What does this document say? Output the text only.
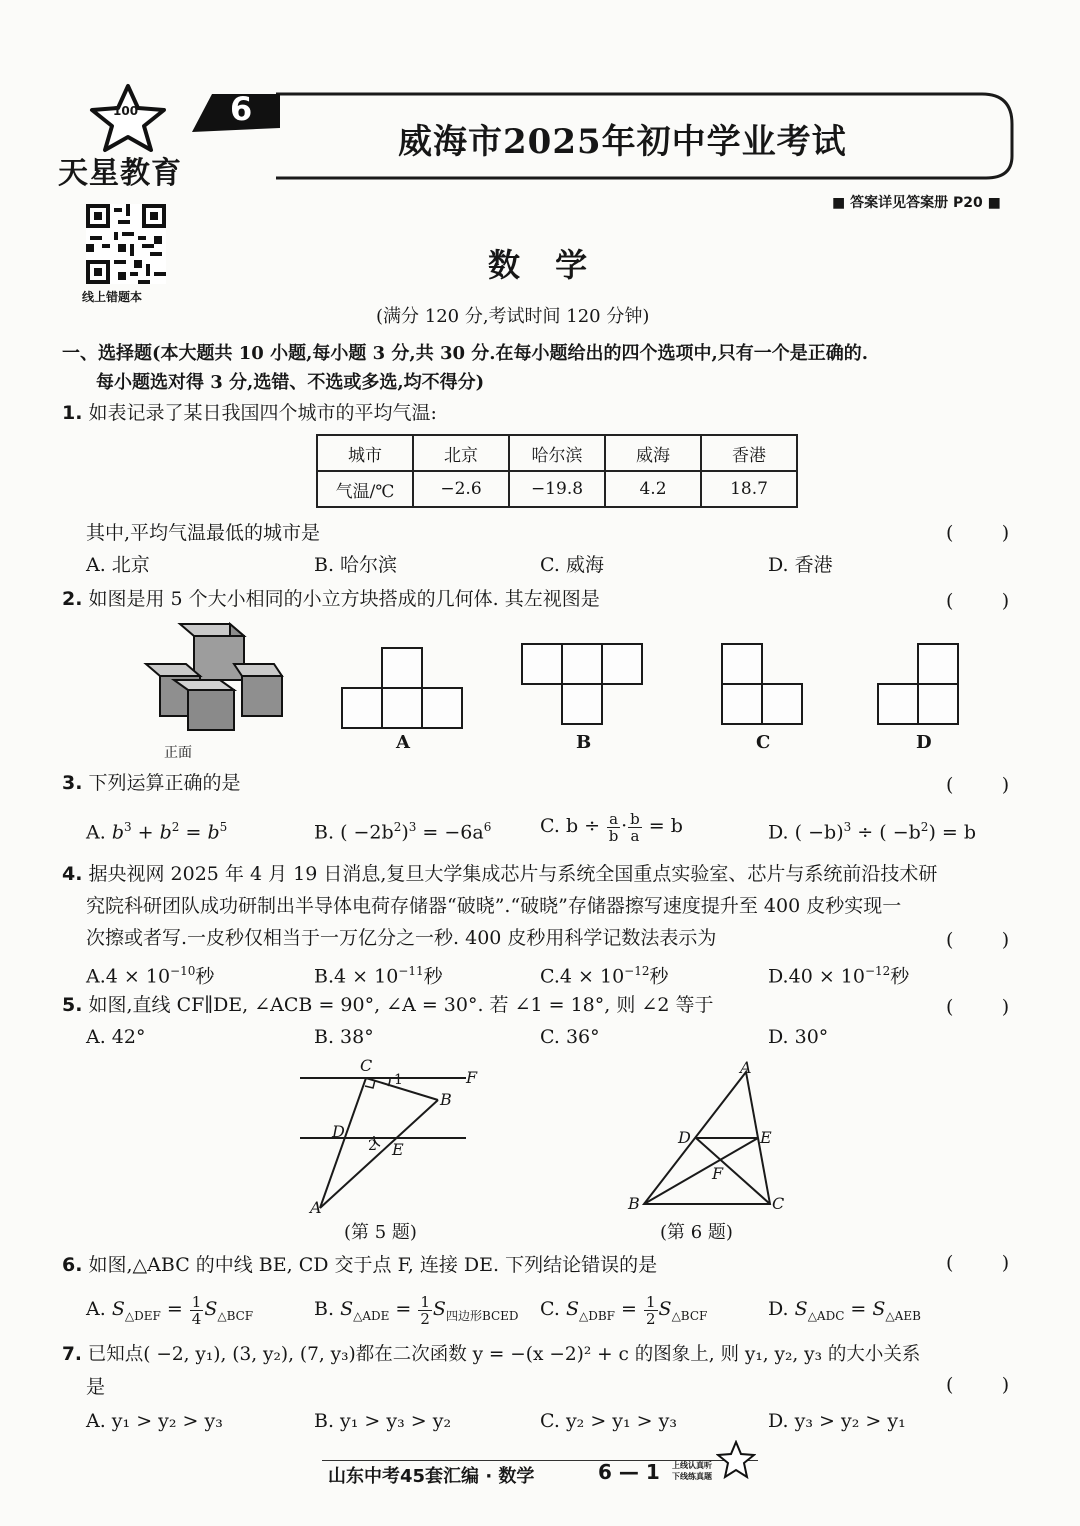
100
天星教育
6
威海市2025年初中学业考试
■ 答案详见答案册 P20 ■
线上错题本
数 学
(满分 120 分,考试时间 120 分钟)
一、选择题(本大题共 10 小题,每小题 3 分,共 30 分.在每小题给出的四个选项中,只有一个是正确的.
每小题选对得 3 分,选错、不选或多选,均不得分)
1. 如表记录了某日我国四个城市的平均气温:
城市	北京	哈尔滨	威海	香港
气温/℃	−2.6	−19.8	4.2	18.7
其中,平均气温最低的城市是	(        )
A. 北京	B. 哈尔滨	C. 威海	D. 香港
2. 如图是用 5 个大小相同的小立方块搭成的几何体. 其左视图是	(        )
正面	A	B	C	D
3. 下列运算正确的是	(        )
A. $b^3 + b^2 = b^5$	B. ( $-2b^2)^3 = -6a^6$	C. $b \div \frac{a}{b} \cdot \frac{b}{a} = b$	D. ( −b)$^3$ ÷ ( $-b^2) = b$
4. 据央视网 2025 年 4 月 19 日消息,复旦大学集成芯片与系统全国重点实验室、芯片与系统前沿技术研
究院科研团队成功研制出半导体电荷存储器“破晓”.“破晓”存储器擦写速度提升至 400 皮秒实现一
次擦或者写.一皮秒仅相当于一万亿分之一秒. 400 皮秒用科学记数法表示为	(        )
$A.4 \times 10^{-10}$秒	$B.4 \times 10^{-11}$秒	$C.4 \times 10^{-12}$秒	$D.40 \times 10^{-12}$秒
5. 如图,直线 CF∥DE, ∠ACB = 90°, ∠A = 30°. 若 ∠1 = 18°, 则 ∠2 等于	(        )
A. 42°	B. 38°	C. 36°	D. 30°
C
F
B
D
E
A
1
2
(第 5 题)
A
D	E
F
B	C
(第 6 题)
6. 如图,△ABC 的中线 BE, CD 交于点 F, 连接 DE. 下列结论错误的是	(        )
A. $S_{\triangle DEF} = \frac{1}{4} S_{\triangle BCF}$	B. $S_{\triangle ADE} = \frac{1}{2} S_{四边形BCED}$ C. $S_{\triangle DBF} = \frac{1}{2} S_{\triangle BCF}$	D. $S_{\triangle ADC} = S_{\triangle AEB}$
7. 已知点( −2, y₁), (3, y₂), (7, y₃)都在二次函数 y = −(x −2)² + c 的图象上, 则 y₁, y₂, y₃ 的大小关系
是	(        )
A. y₁ > y₂ > y₃	B. y₁ > y₃ > y₂	C. y₂ > y₁ > y₃	D. y₃ > y₂ > y₁
山东中考45套汇编 · 数学	6 — 1 上线认真听
下线练真题
